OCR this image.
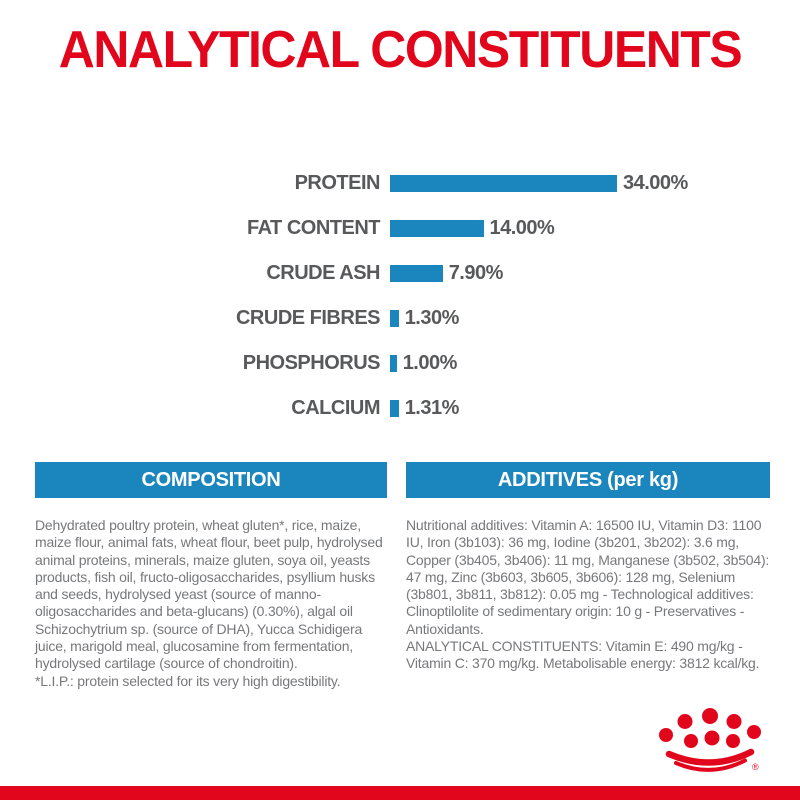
ANALYTICAL CONSTITUENTS
PROTEIN	34.00%
FAT CONTENT	14.00%
CRUDE ASH	7.90%
CRUDE FIBRES	1.30%
PHOSPHORUS	1.00%
CALCIUM	1.31%
COMPOSITION

Dehydrated poultry protein, wheat gluten*, rice, maize, maize flour, animal fats, wheat flour, beet pulp, hydrolysed animal proteins, minerals, maize gluten, soya oil, yeasts products, fish oil, fructo-oligosaccharides, psyllium husks and seeds, hydrolysed yeast (source of manno-oligosaccharides and beta-glucans) (0.30%), algal oil Schizochytrium sp. (source of DHA), Yucca Schidigera juice, marigold meal, glucosamine from fermentation, hydrolysed cartilage (source of chondroitin).

*L.I.P.: protein selected for its very high digestibility.

ADDITIVES (per kg)

Nutritional additives: Vitamin A: 16500 IU, Vitamin D3: 1100 IU, Iron (3b103): 36 mg, Iodine (3b201, 3b202): 3.6 mg, Copper (3b405, 3b406): 11 mg, Manganese (3b502, 3b504): 47 mg, Zinc (3b603, 3b605, 3b606): 128 mg, Selenium (3b801, 3b811, 3b812): 0.05 mg - Technological additives: Clinoptilolite of sedimentary origin: 10 g - Preservatives - Antioxidants.

ANALYTICAL CONSTITUENTS: Vitamin E: 490 mg/kg - Vitamin C: 370 mg/kg. Metabolisable energy: 3812 kcal/kg.

®
